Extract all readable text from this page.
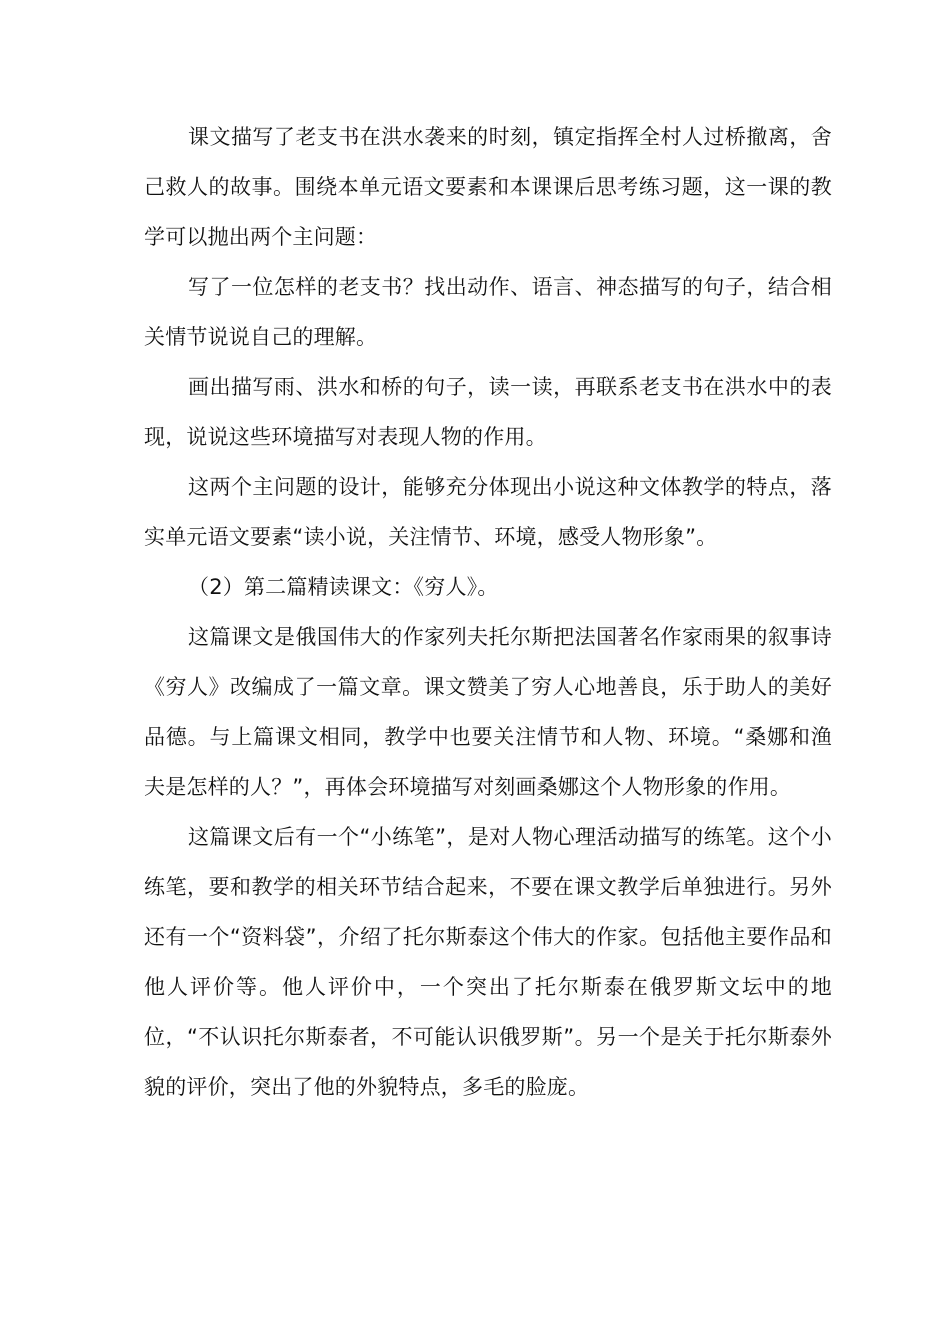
课文描写了老支书在洪水袭来的时刻，镇定指挥全村人过桥撤离，舍己救人的故事。围绕本单元语文要素和本课课后思考练习题，这一课的教学可以抛出两个主问题：

写了一位怎样的老支书？找出动作、语言、神态描写的句子，结合相关情节说说自己的理解。

画出描写雨、洪水和桥的句子，读一读，再联系老支书在洪水中的表现，说说这些环境描写对表现人物的作用。

这两个主问题的设计，能够充分体现出小说这种文体教学的特点，落实单元语文要素“读小说，关注情节、环境，感受人物形象”。

（2）第二篇精读课文：《穷人》。

这篇课文是俄国伟大的作家列夫托尔斯把法国著名作家雨果的叙事诗《穷人》改编成了一篇文章。课文赞美了穷人心地善良，乐于助人的美好品德。与上篇课文相同，教学中也要关注情节和人物、环境。“桑娜和渔夫是怎样的人？”，再体会环境描写对刻画桑娜这个人物形象的作用。

这篇课文后有一个“小练笔”，是对人物心理活动描写的练笔。这个小练笔，要和教学的相关环节结合起来，不要在课文教学后单独进行。另外还有一个“资料袋”，介绍了托尔斯泰这个伟大的作家。包括他主要作品和他人评价等。他人评价中，一个突出了托尔斯泰在俄罗斯文坛中的地位，“不认识托尔斯泰者，不可能认识俄罗斯”。另一个是关于托尔斯泰外貌的评价，突出了他的外貌特点，多毛的脸庞。
